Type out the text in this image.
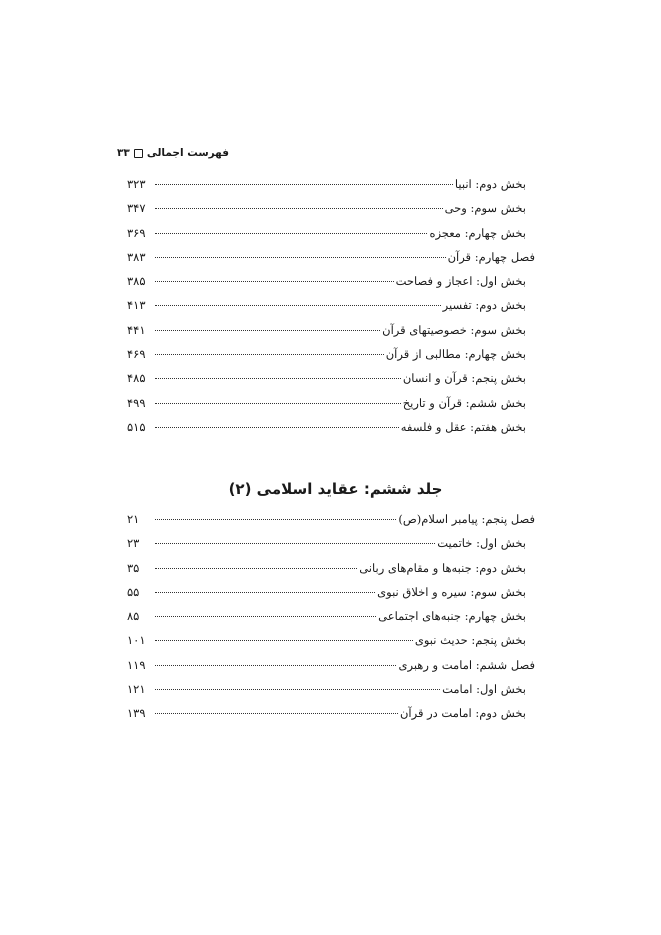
فهرست اجمالی
۳۳
بخش دوم: انبیا
۳۲۳
بخش سوم: وحی
۳۴۷
بخش چهارم: معجزه
۳۶۹
فصل چهارم: قرآن
۳۸۳
بخش اول: اعجاز و فصاحت
۳۸۵
بخش دوم: تفسیر
۴۱۳
بخش سوم: خصوصیتهای قرآن
۴۴۱
بخش چهارم: مطالبی از قرآن
۴۶۹
بخش پنجم: قرآن و انسان
۴۸۵
بخش ششم: قرآن و تاریخ
۴۹۹
بخش هفتم: عقل و فلسفه
۵۱۵
جلد ششم: عقاید اسلامی (۲)
فصل پنجم: پیامبر اسلام(ص)
۲۱
بخش اول: خاتمیت
۲۳
بخش دوم: جنبه‌ها و مقام‌های ربانی
۳۵
بخش سوم: سیره و اخلاق نبوی
۵۵
بخش چهارم: جنبه‌های اجتماعی
۸۵
بخش پنجم: حدیث نبوی
۱۰۱
فصل ششم: امامت و رهبری
۱۱۹
بخش اول: امامت
۱۲۱
بخش دوم: امامت در قرآن
۱۳۹
